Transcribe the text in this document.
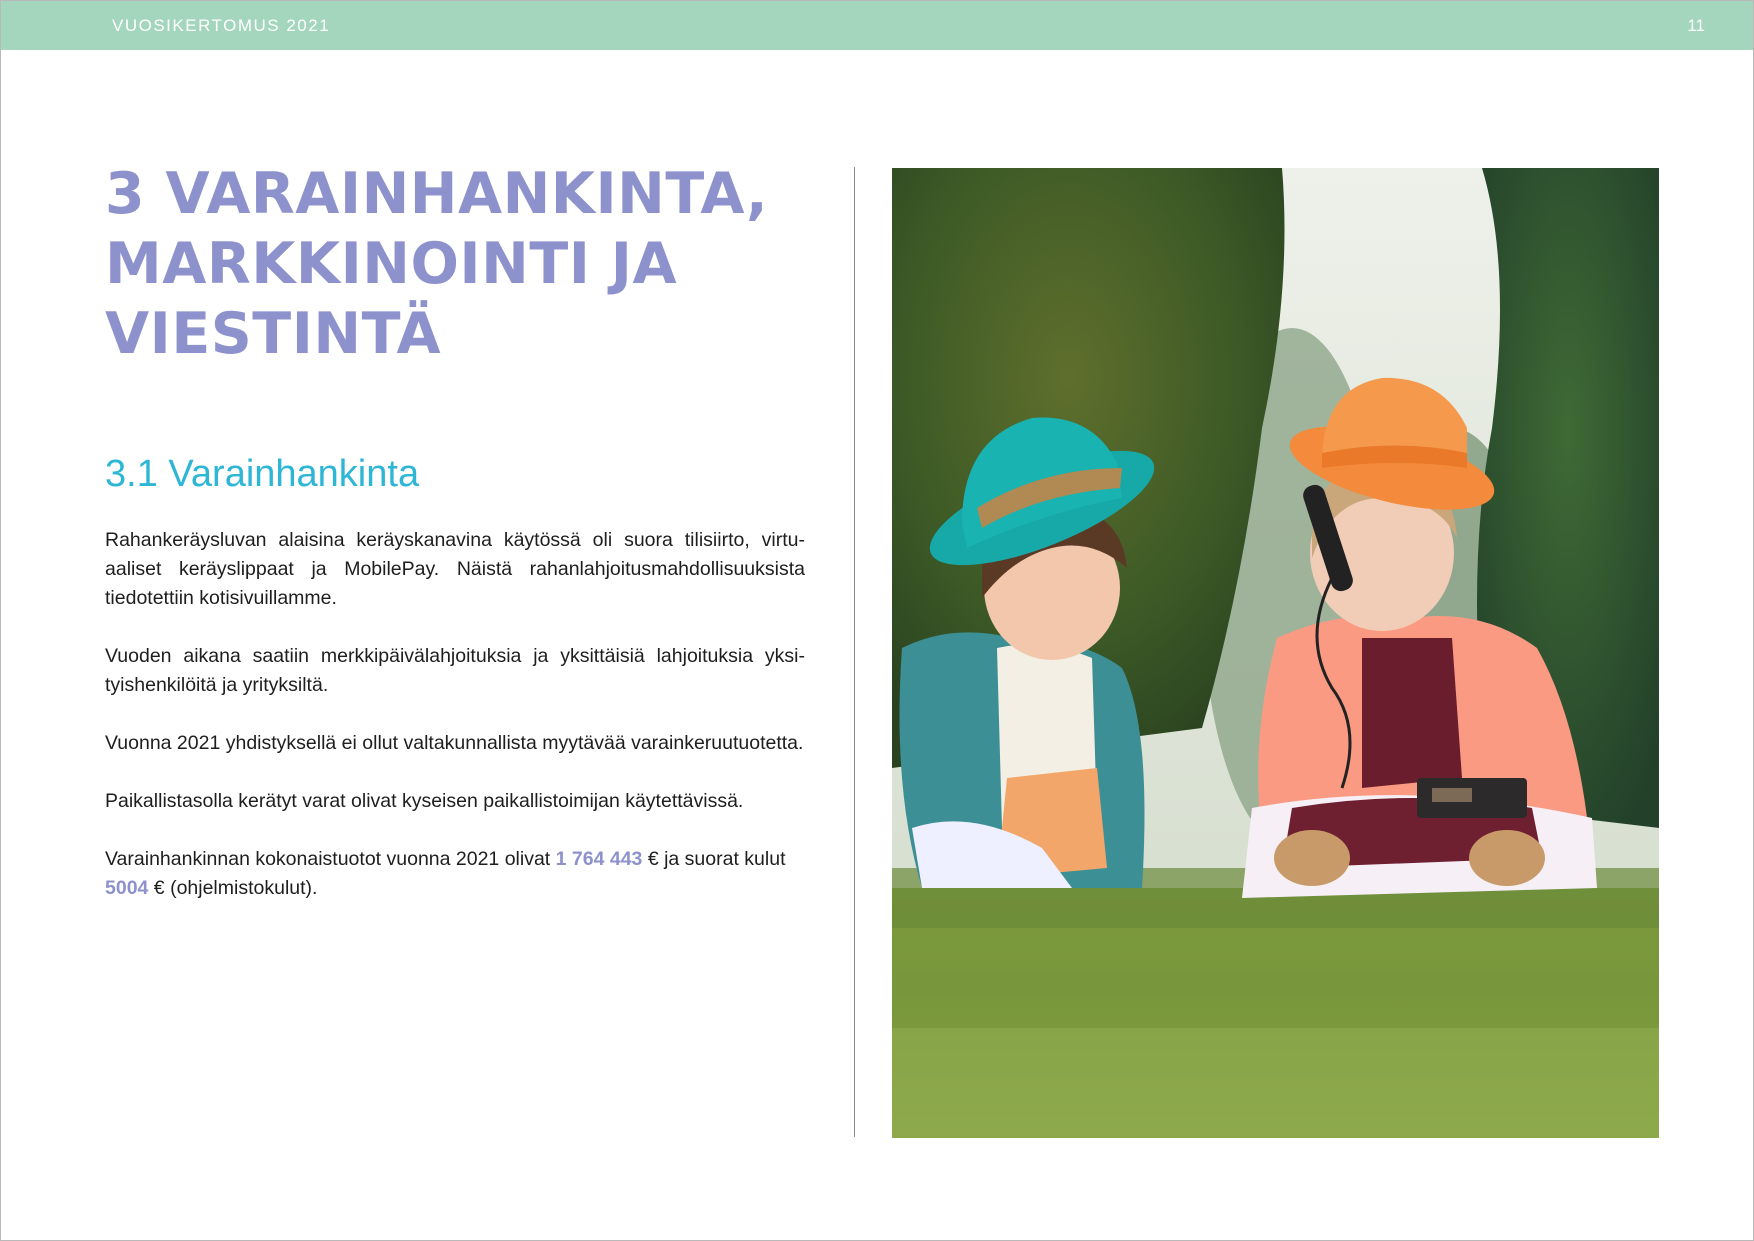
VUOSIKERTOMUS 2021	11
3 VARAINHANKINTA,
MARKKINOINTI JA
VIESTINTÄ
3.1 Varainhankinta

Rahankeräysluvan alaisina keräyskanavina käytössä oli suora tilisiirto, virtuaaliset keräyslippaat ja MobilePay. Näistä rahanlahjoitusmahdollisuuksista tiedotettiin kotisivuillamme.

Vuoden aikana saatiin merkkipäivälahjoituksia ja yksittäisiä lahjoituksia yksityishenkilöitä ja yrityksiltä.

Vuonna 2021 yhdistyksellä ei ollut valtakunnallista myytävää varainkeruutuotetta.

Paikallistasolla kerätyt varat olivat kyseisen paikallistoimijan käytettävissä.

Varainhankinnan kokonaistuotot vuonna 2021 olivat 1 764 443 € ja suorat kulut 5004 € (ohjelmistokulut).
